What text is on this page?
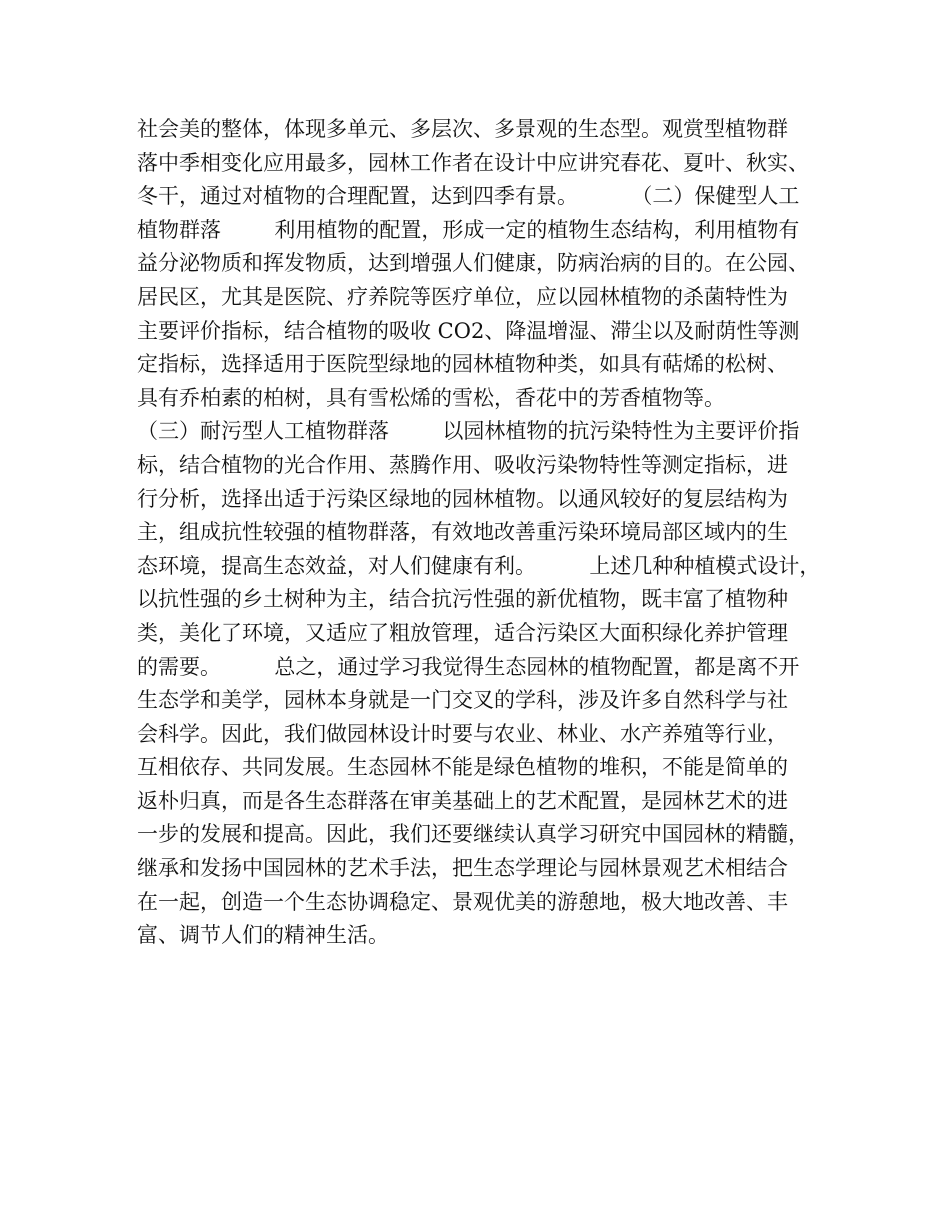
社会美的整体，体现多单元、多层次、多景观的生态型。观赏型植物群
落中季相变化应用最多，园林工作者在设计中应讲究春花、夏叶、秋实、
冬干，通过对植物的合理配置，达到四季有景。        （二）保健型人工
植物群落        利用植物的配置，形成一定的植物生态结构，利用植物有
益分泌物质和挥发物质，达到增强人们健康，防病治病的目的。在公园、
居民区，尤其是医院、疗养院等医疗单位，应以园林植物的杀菌特性为
主要评价指标，结合植物的吸收 CO2、降温增湿、滞尘以及耐荫性等测
定指标，选择适用于医院型绿地的园林植物种类，如具有萜烯的松树、
具有乔柏素的柏树，具有雪松烯的雪松，香花中的芳香植物等。
（三）耐污型人工植物群落        以园林植物的抗污染特性为主要评价指
标，结合植物的光合作用、蒸腾作用、吸收污染物特性等测定指标，进
行分析，选择出适于污染区绿地的园林植物。以通风较好的复层结构为
主，组成抗性较强的植物群落，有效地改善重污染环境局部区域内的生
态环境，提高生态效益，对人们健康有利。        上述几种种植模式设计，
以抗性强的乡土树种为主，结合抗污性强的新优植物，既丰富了植物种
类，美化了环境，又适应了粗放管理，适合污染区大面积绿化养护管理
的需要。        总之，通过学习我觉得生态园林的植物配置，都是离不开
生态学和美学，园林本身就是一门交叉的学科，涉及许多自然科学与社
会科学。因此，我们做园林设计时要与农业、林业、水产养殖等行业，
互相依存、共同发展。生态园林不能是绿色植物的堆积，不能是简单的
返朴归真，而是各生态群落在审美基础上的艺术配置，是园林艺术的进
一步的发展和提高。因此，我们还要继续认真学习研究中国园林的精髓，
继承和发扬中国园林的艺术手法，把生态学理论与园林景观艺术相结合
在一起，创造一个生态协调稳定、景观优美的游憩地，极大地改善、丰
富、调节人们的精神生活。
